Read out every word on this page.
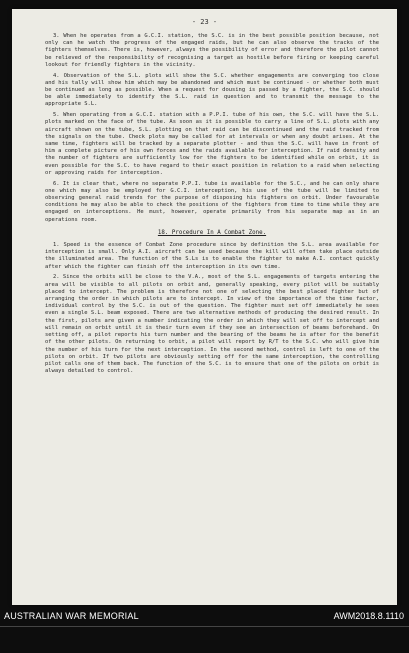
- 23 -

3. When he operates from a G.C.I. station, the S.C. is in the best possible position because, not only can he watch the progress of the engaged raids, but he can also observe the tracks of the fighters themselves. There is, however, always the possibility of error and therefore the pilot cannot be relieved of the responsibility of recognising a target as hostile before firing or keeping careful lookout for friendly fighters in the vicinity.

4. Observation of the S.L. plots will show the S.C. whether engagements are converging too close and his tally will show him which may be abandoned and which must be continued - or whether both must be continued as long as possible. When a request for dousing is passed by a fighter, the S.C. should be able immediately to identify the S.L. raid in question and to transmit the message to the appropriate S.L.

5. When operating from a G.C.I. station with a P.P.I. tube of his own, the S.C. will have the S.L. plots marked on the face of the tube. As soon as it is possible to carry a line of S.L. plots with any aircraft shown on the tube, S.L. plotting on that raid can be discontinued and the raid tracked from the signals on the tube. Check plots may be called for at intervals or when any doubt arises. At the same time, fighters will be tracked by a separate plotter - and thus the S.C. will have in front of him a complete picture of his own forces and the raids available for interception. If raid density and the number of fighters are sufficiently low for the fighters to be identified while on orbit, it is even possible for the S.C. to have regard to their exact position in relation to a raid when selecting or approving raids for interception.

6. It is clear that, where no separate P.P.I. tube is available for the S.C., and he can only share one which may also be employed for G.C.I. interception, his use of the tube will be limited to observing general raid trends for the purpose of disposing his fighters on orbit. Under favourable conditions he may also be able to check the positions of the fighters from time to time while they are engaged on interceptions. He must, however, operate primarily from his separate map as in an operations room.

18. Procedure In A Combat Zone.

1. Speed is the essence of Combat Zone procedure since by definition the S.L. area available for interception is small. Only A.I. aircraft can be used because the kill will often take place outside the illuminated area. The function of the S.Ls is to enable the fighter to make A.I. contact quickly after which the fighter can finish off the interception in its own time.

2. Since the orbits will be close to the V.A., most of the S.L. engagements of targets entering the area will be visible to all pilots on orbit and, generally speaking, every pilot will be suitably placed to intercept. The problem is therefore not one of selecting the best placed fighter but of arranging the order in which pilots are to intercept. In view of the importance of the time factor, individual control by the S.C. is out of the question. The fighter must set off immediately he sees even a single S.L. beam exposed. There are two alternative methods of producing the desired result. In the first, pilots are given a number indicating the order in which they will set off to intercept and will remain on orbit until it is their turn even if they see an intersection of beams beforehand. On setting off, a pilot reports his turn number and the bearing of the beams he is after for the benefit of the other pilots. On returning to orbit, a pilot will report by R/T to the S.C. who will give him the number of his turn for the next interception. In the second method, control is left to one of the pilots on orbit. If two pilots are obviously setting off for the same interception, the controlling pilot calls one of them back. The function of the S.C. is to ensure that one of the pilots on orbit is always detailed to control.

AUSTRALIAN WAR MEMORIAL	AWM2018.8.1110
